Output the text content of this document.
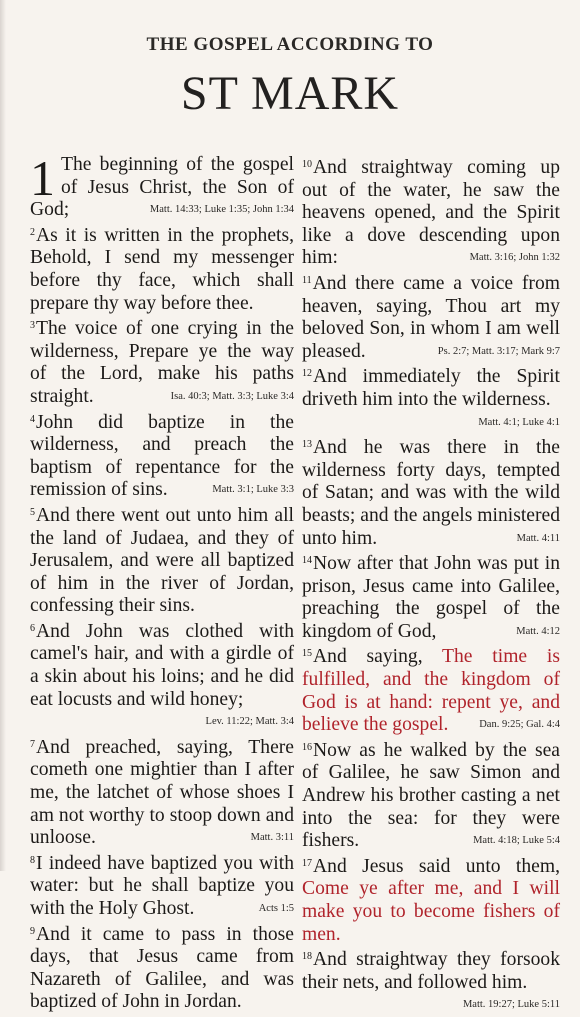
THE GOSPEL ACCORDING TO
ST MARK

1 The beginning of the gospel of Jesus Christ, the Son of God;	Matt. 14:33; Luke 1:35; John 1:34

$^2$As it is written in the prophets, Behold, I send my messenger before thy face, which shall prepare thy way before thee.

$^3$The voice of one crying in the wilderness, Prepare ye the way of the Lord, make his paths straight.	Isa. 40:3; Matt. 3:3; Luke 3:4

$^4$John did baptize in the wilderness, and preach the baptism of repentance for the remission of sins.	Matt. 3:1; Luke 3:3

$^5$And there went out unto him all the land of Judaea, and they of Jerusalem, and were all baptized of him in the river of Jordan, confessing their sins.

$^6$And John was clothed with camel's hair, and with a girdle of a skin about his loins; and he did eat locusts and wild honey;
Lev. 11:22; Matt. 3:4

$^7$And preached, saying, There cometh one mightier than I after me, the latchet of whose shoes I am not worthy to stoop down and unloose.	Matt. 3:11

$^8$I indeed have baptized you with water: but he shall baptize you with the Holy Ghost.	Acts 1:5

$^9$And it came to pass in those days, that Jesus came from Nazareth of Galilee, and was baptized of John in Jordan.

$^{10}$And straightway coming up out of the water, he saw the heavens opened, and the Spirit like a dove descending upon him:	Matt. 3:16; John 1:32

$^{11}$And there came a voice from heaven, saying, Thou art my beloved Son, in whom I am well pleased.	Ps. 2:7; Matt. 3:17; Mark 9:7

$^{12}$And immediately the Spirit driveth him into the wilderness.
Matt. 4:1; Luke 4:1

$^{13}$And he was there in the wilderness forty days, tempted of Satan; and was with the wild beasts; and the angels ministered unto him.	Matt. 4:11

$^{14}$Now after that John was put in prison, Jesus came into Galilee, preaching the gospel of the kingdom of God,	Matt. 4:12

$^{15}$And saying, The time is fulfilled, and the kingdom of God is at hand: repent ye, and believe the gospel.	Dan. 9:25; Gal. 4:4

$^{16}$Now as he walked by the sea of Galilee, he saw Simon and Andrew his brother casting a net into the sea: for they were fishers.	Matt. 4:18; Luke 5:4

$^{17}$And Jesus said unto them, Come ye after me, and I will make you to become fishers of men.

$^{18}$And straightway they forsook their nets, and followed him.
Matt. 19:27; Luke 5:11
